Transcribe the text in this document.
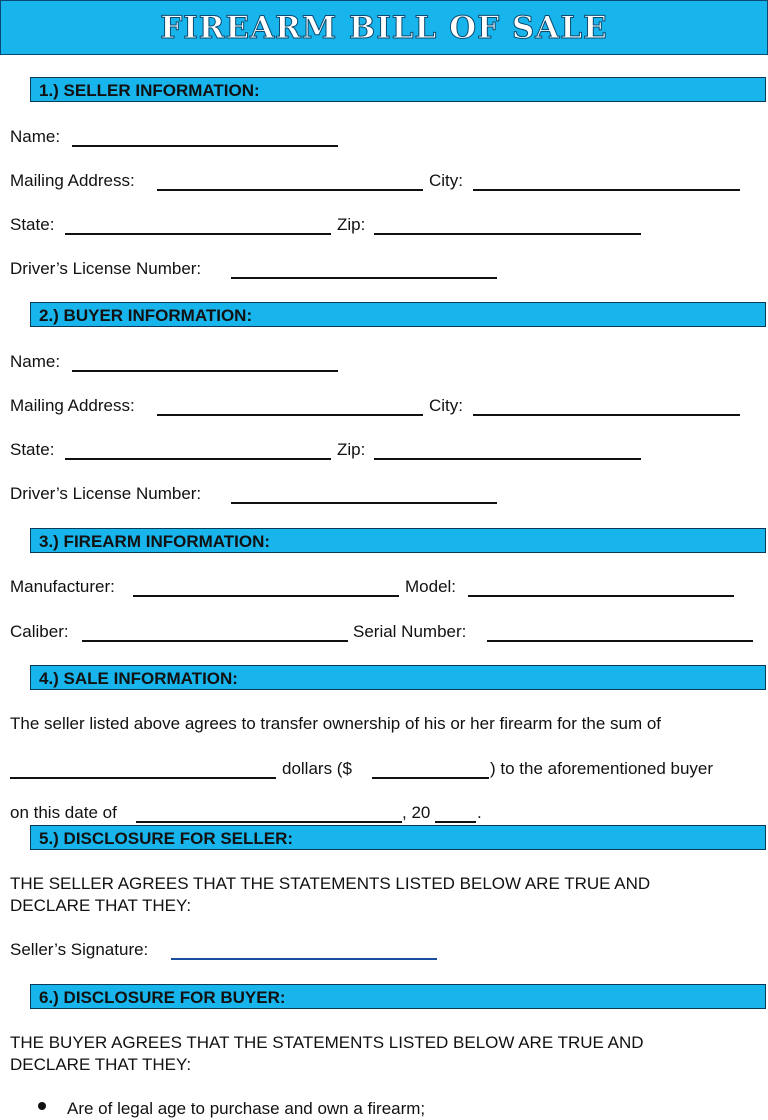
FIREARM BILL OF SALE
1.) SELLER INFORMATION:
Name:
Mailing Address:	City:
State:	Zip:
Driver’s License Number:
2.) BUYER INFORMATION:
Name:
Mailing Address:	City:
State:	Zip:
Driver’s License Number:
3.) FIREARM INFORMATION:
Manufacturer:	Model:
Caliber:	Serial Number:
4.) SALE INFORMATION:
The seller listed above agrees to transfer ownership of his or her firearm for the sum of
dollars ($	) to the aforementioned buyer
on this date of	, 20	.
5.) DISCLOSURE FOR SELLER:
THE SELLER AGREES THAT THE STATEMENTS LISTED BELOW ARE TRUE AND
DECLARE THAT THEY:
Seller’s Signature:
6.) DISCLOSURE FOR BUYER:
THE BUYER AGREES THAT THE STATEMENTS LISTED BELOW ARE TRUE AND
DECLARE THAT THEY:
Are of legal age to purchase and own a firearm;
